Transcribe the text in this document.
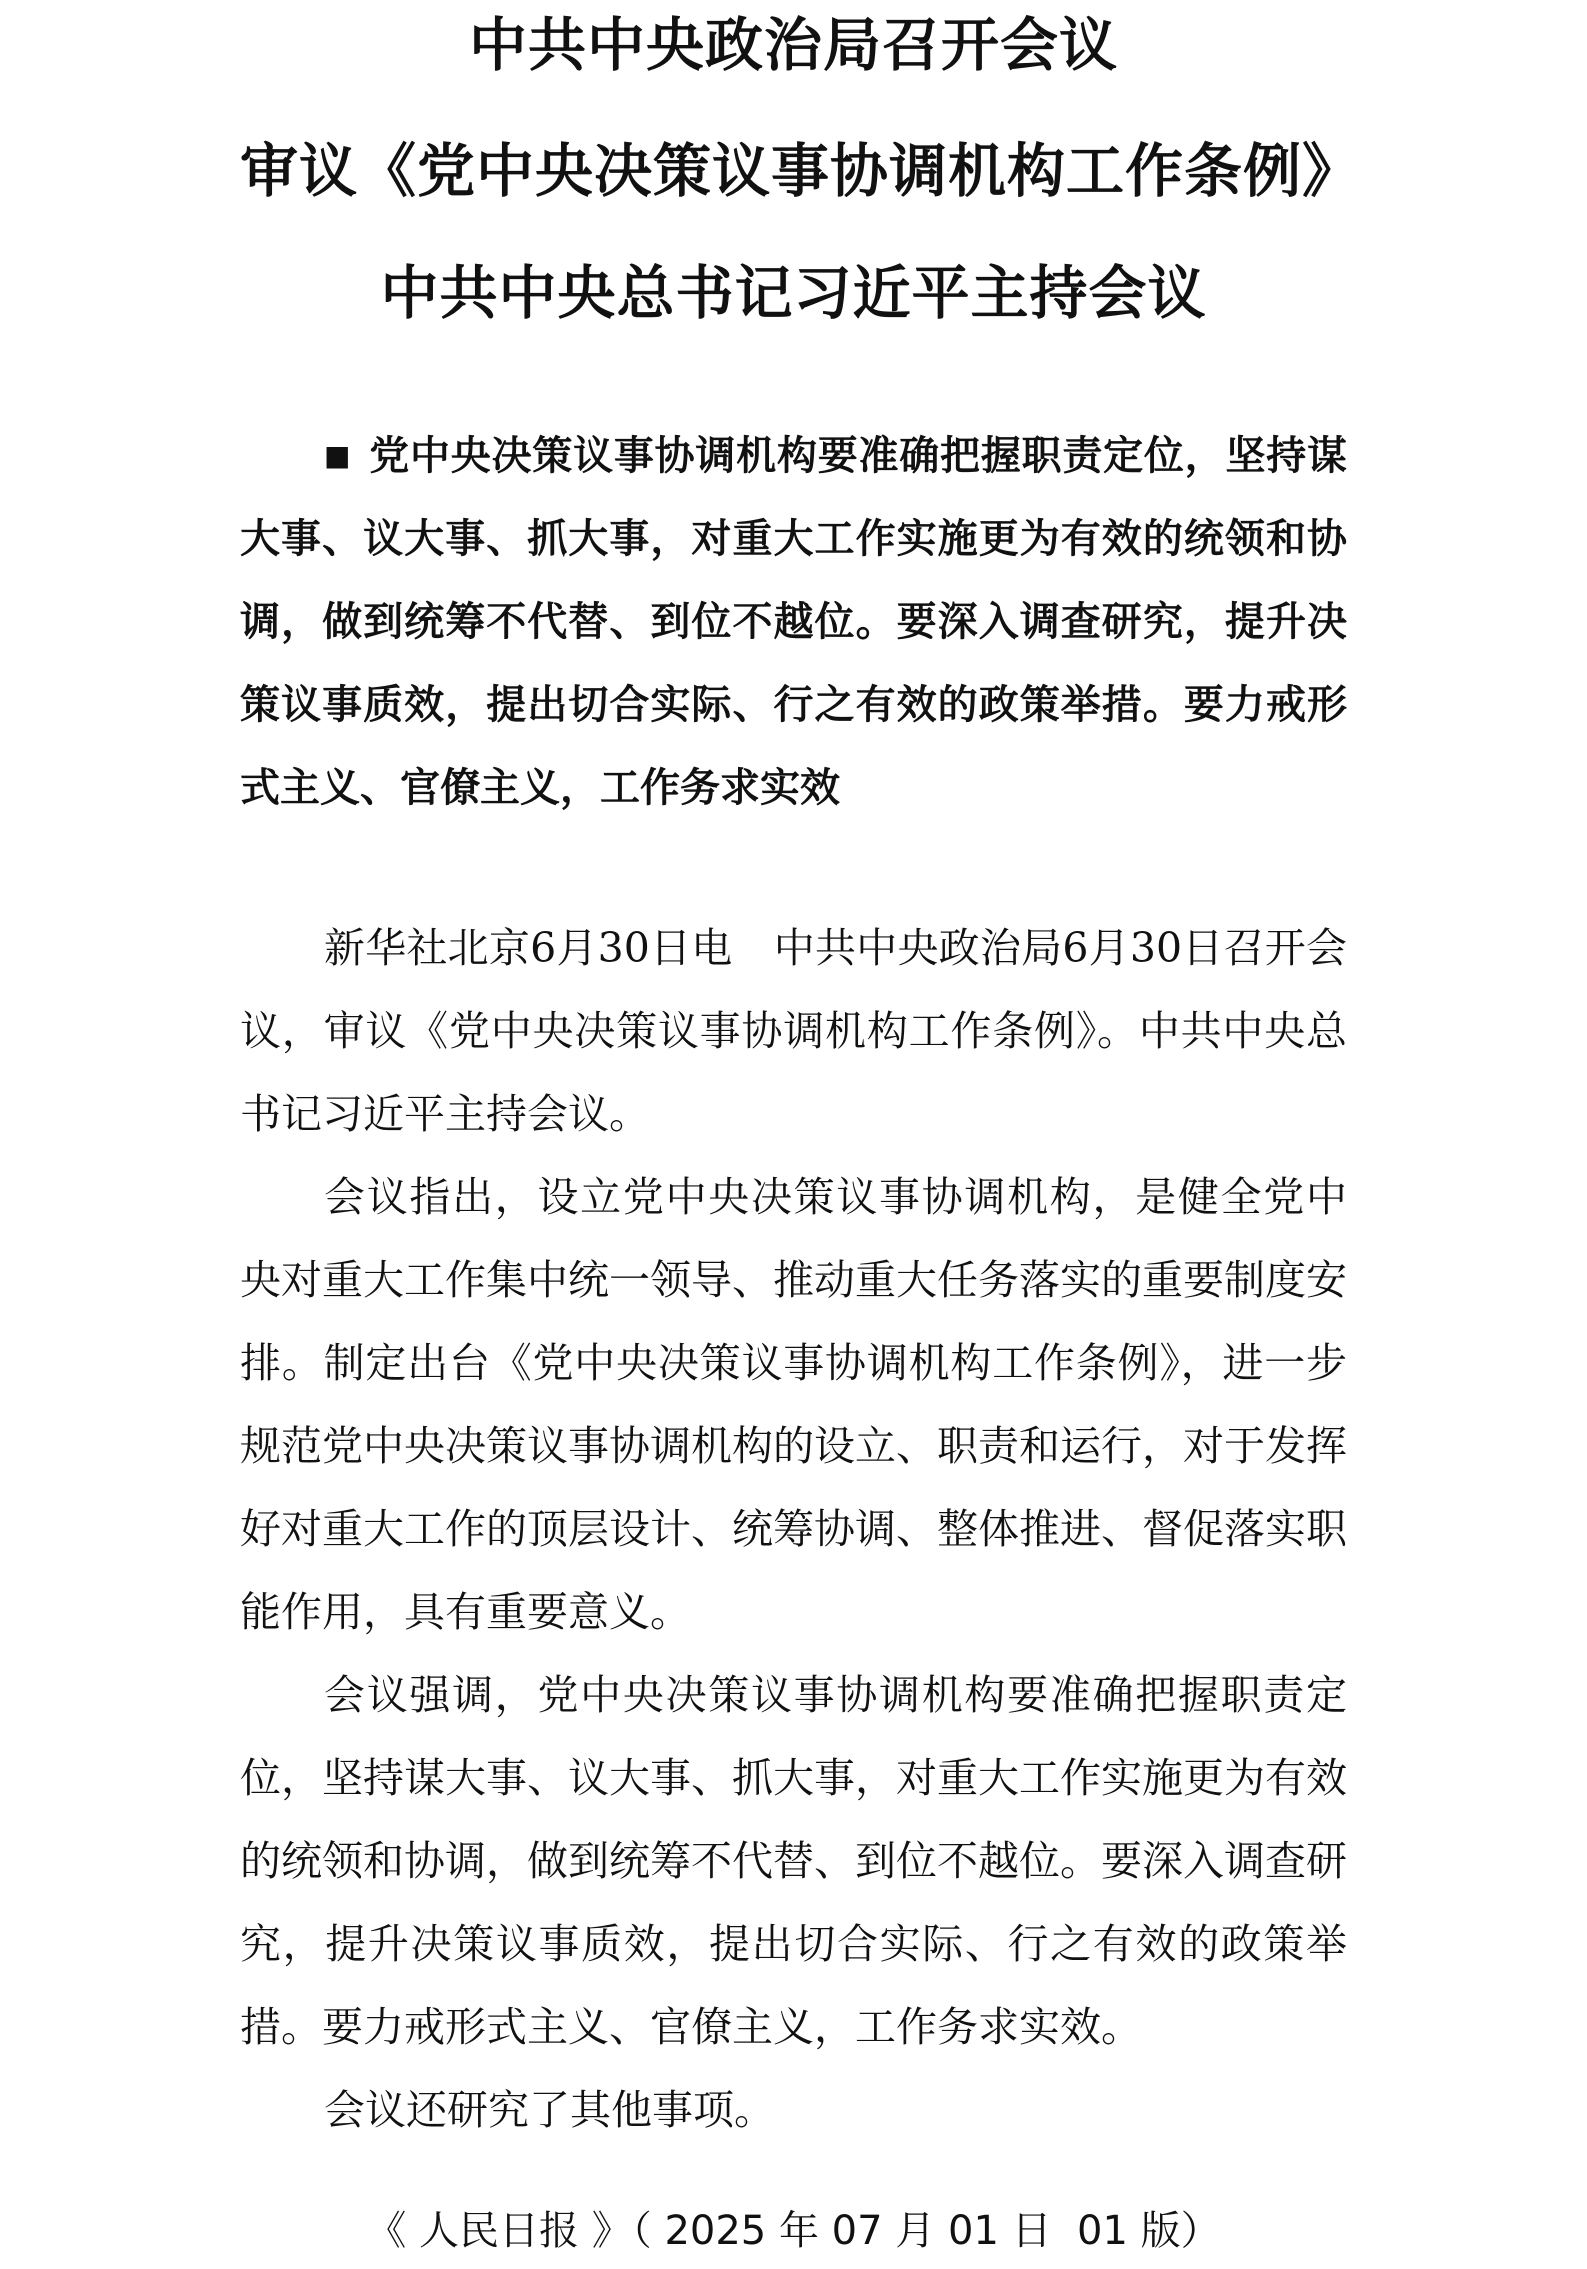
中共中央政治局召开会议
审议《党中央决策议事协调机构工作条例》
中共中央总书记习近平主持会议

■ 党中央决策议事协调机构要准确把握职责定位，坚持谋大事、议大事、抓大事，对重大工作实施更为有效的统领和协调，做到统筹不代替、到位不越位。要深入调查研究，提升决策议事质效，提出切合实际、行之有效的政策举措。要力戒形式主义、官僚主义，工作务求实效

新华社北京6月30日电　中共中央政治局6月30日召开会议，审议《党中央决策议事协调机构工作条例》。中共中央总书记习近平主持会议。

会议指出，设立党中央决策议事协调机构，是健全党中央对重大工作集中统一领导、推动重大任务落实的重要制度安排。制定出台《党中央决策议事协调机构工作条例》，进一步规范党中央决策议事协调机构的设立、职责和运行，对于发挥好对重大工作的顶层设计、统筹协调、整体推进、督促落实职能作用，具有重要意义。

会议强调，党中央决策议事协调机构要准确把握职责定位，坚持谋大事、议大事、抓大事，对重大工作实施更为有效的统领和协调，做到统筹不代替、到位不越位。要深入调查研究，提升决策议事质效，提出切合实际、行之有效的政策举措。要力戒形式主义、官僚主义，工作务求实效。

会议还研究了其他事项。

《 人民日报 》（ 2025 年 07 月 01 日  01 版）
